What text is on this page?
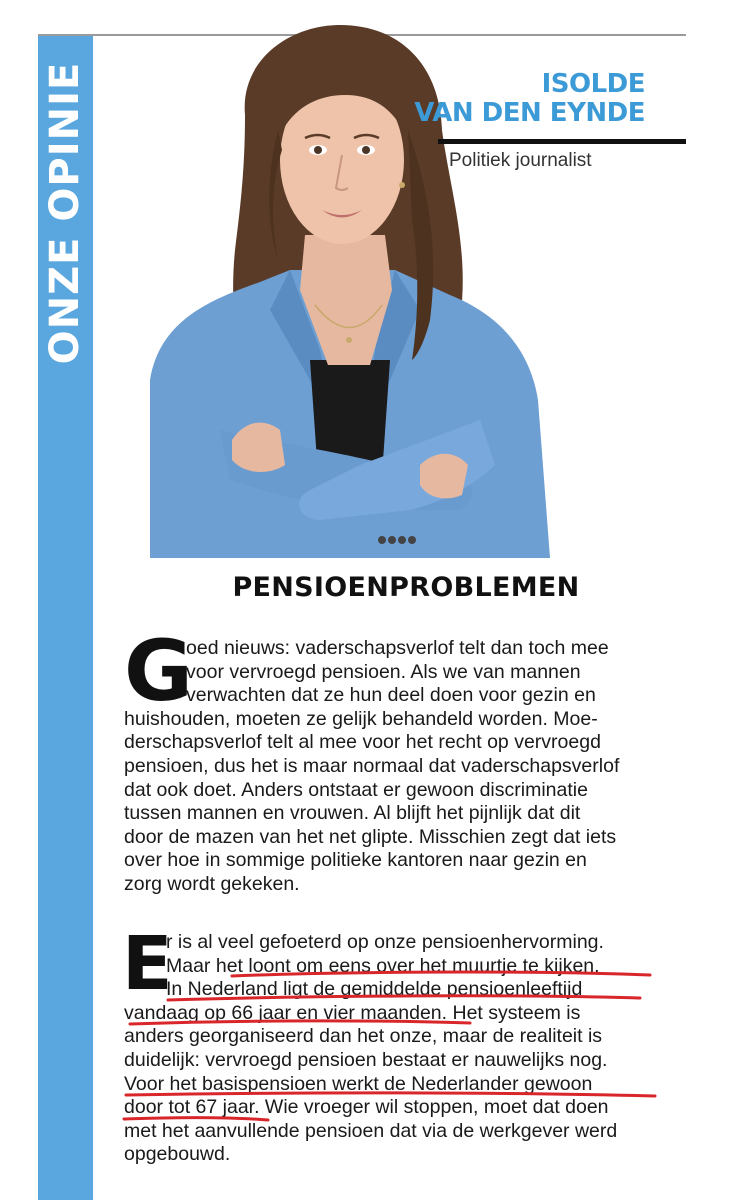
ONZE OPINIE	ISOLDE
VAN DEN EYNDE
Politiek journalist
PENSIOENPROBLEMEN
G
oed nieuws: vaderschapsverlof telt dan toch mee
voor vervroegd pensioen. Als we van mannen
verwachten dat ze hun deel doen voor gezin en
huishouden, moeten ze gelijk behandeld worden. Moe-
derschapsverlof telt al mee voor het recht op vervroegd
pensioen, dus het is maar normaal dat vaderschapsverlof
dat ook doet. Anders ontstaat er gewoon discriminatie
tussen mannen en vrouwen. Al blijft het pijnlijk dat dit
door de mazen van het net glipte. Misschien zegt dat iets
over hoe in sommige politieke kantoren naar gezin en
zorg wordt gekeken.
E
r is al veel gefoeterd op onze pensioenhervorming.
Maar het loont om eens over het muurtje te kijken.
In Nederland ligt de gemiddelde pensioenleeftijd
vandaag op 66 jaar en vier maanden. Het systeem is
anders georganiseerd dan het onze, maar de realiteit is
duidelijk: vervroegd pensioen bestaat er nauwelijks nog.
Voor het basispensioen werkt de Nederlander gewoon
door tot 67 jaar. Wie vroeger wil stoppen, moet dat doen
met het aanvullende pensioen dat via de werkgever werd
opgebouwd.
